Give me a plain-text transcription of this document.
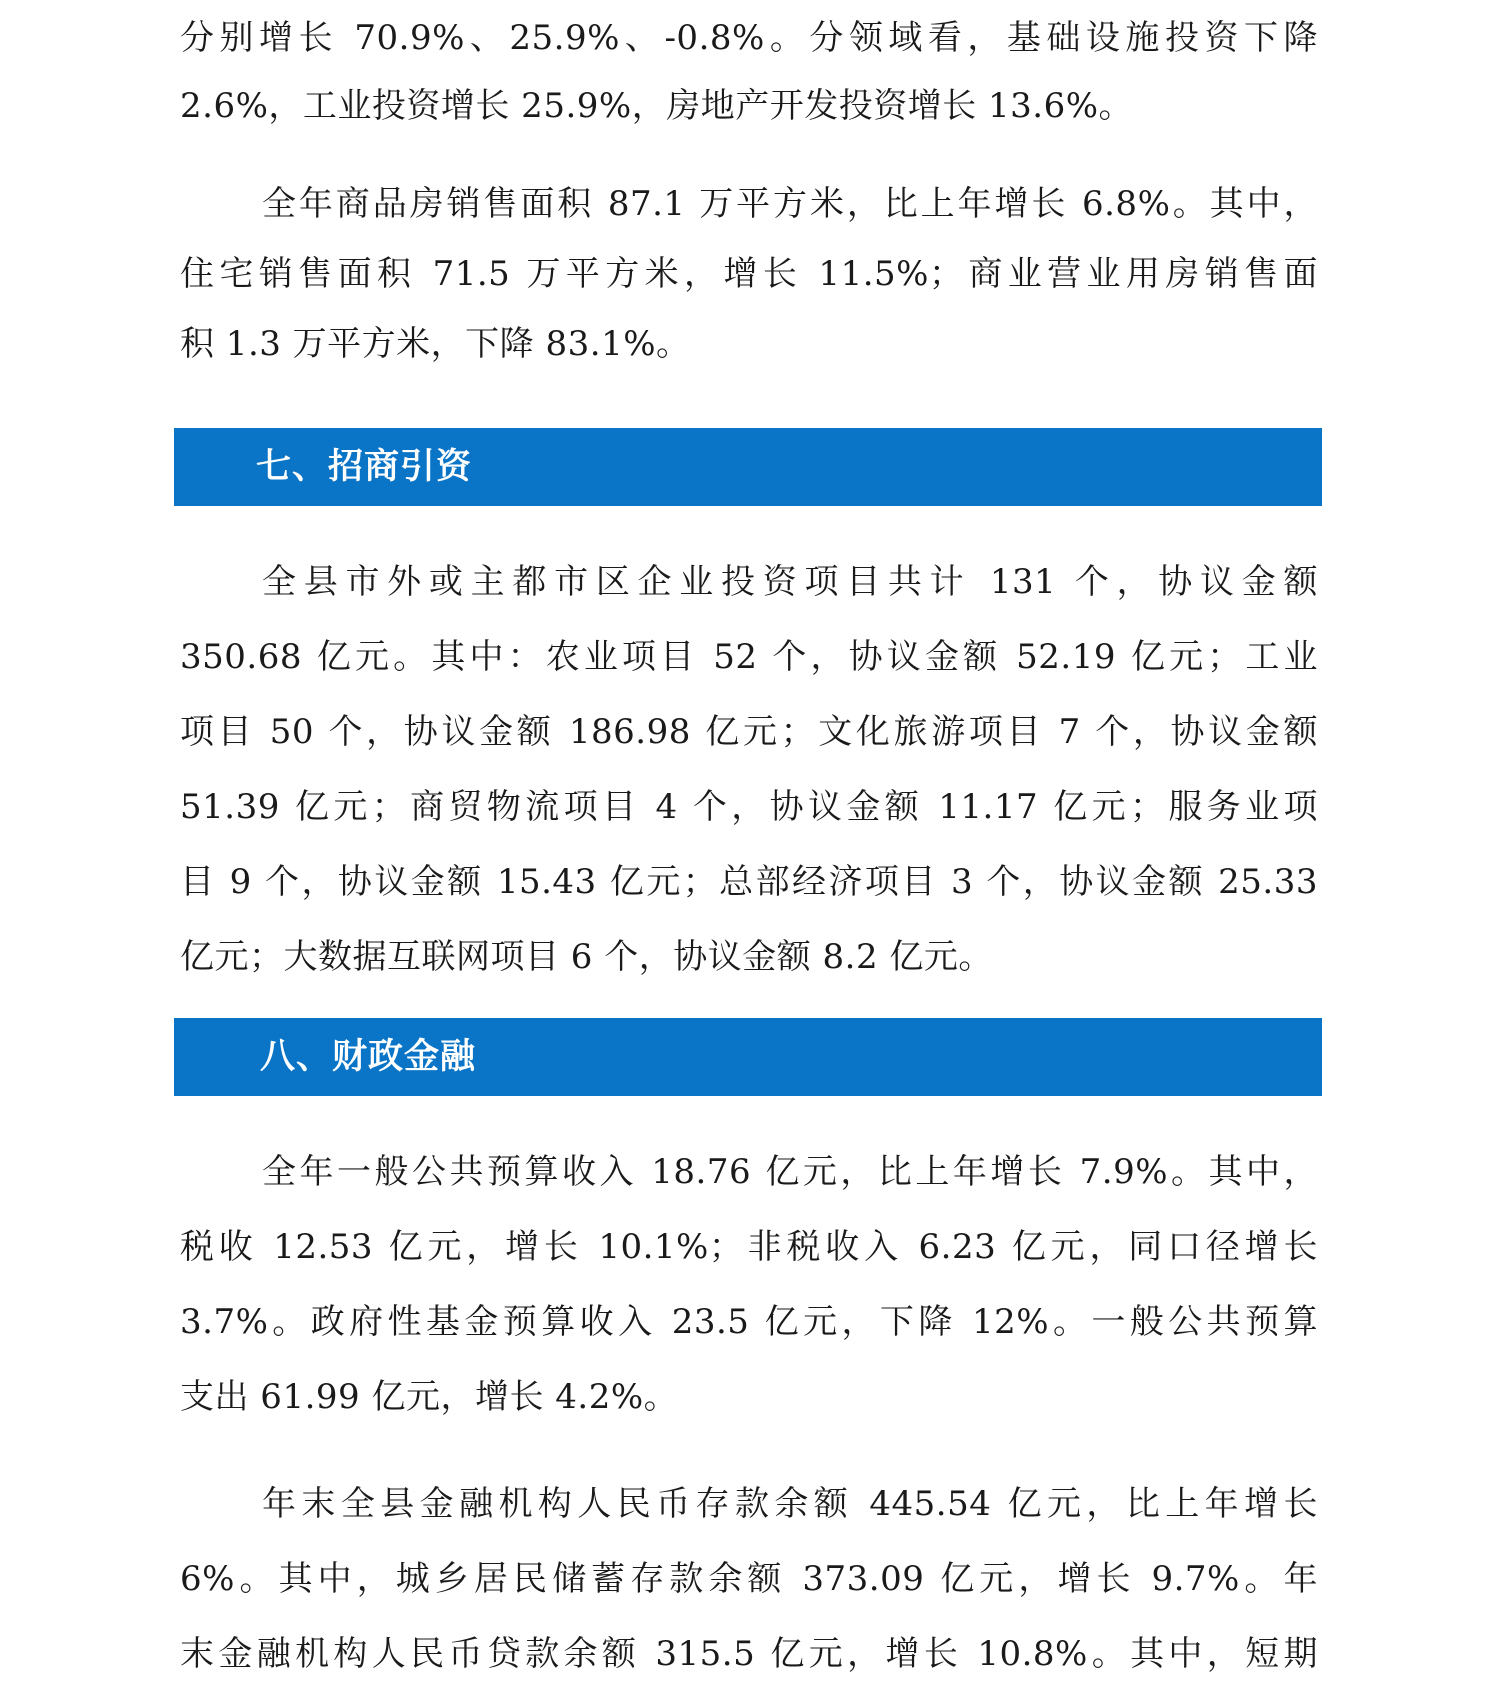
分别增长 70.9%、25.9%、-0.8%。分领域看，基础设施投资下降
2.6%，工业投资增长 25.9%，房地产开发投资增长 13.6%。
全年商品房销售面积 87.1 万平方米，比上年增长 6.8%。其中，
住宅销售面积 71.5 万平方米，增长 11.5%；商业营业用房销售面
积 1.3 万平方米，下降 83.1%。
七、招商引资
全县市外或主都市区企业投资项目共计 131 个，协议金额
350.68 亿元。其中：农业项目 52 个，协议金额 52.19 亿元；工业
项目 50 个，协议金额 186.98 亿元；文化旅游项目 7 个，协议金额
51.39 亿元；商贸物流项目 4 个，协议金额 11.17 亿元；服务业项
目 9 个，协议金额 15.43 亿元；总部经济项目 3 个，协议金额 25.33
亿元；大数据互联网项目 6 个，协议金额 8.2 亿元。
八、财政金融
全年一般公共预算收入 18.76 亿元，比上年增长 7.9%。其中，
税收 12.53 亿元，增长 10.1%；非税收入 6.23 亿元，同口径增长
3.7%。政府性基金预算收入 23.5 亿元，下降 12%。一般公共预算
支出 61.99 亿元，增长 4.2%。
年末全县金融机构人民币存款余额 445.54 亿元，比上年增长
6%。其中，城乡居民储蓄存款余额 373.09 亿元，增长 9.7%。年
末金融机构人民币贷款余额 315.5 亿元，增长 10.8%。其中，短期
